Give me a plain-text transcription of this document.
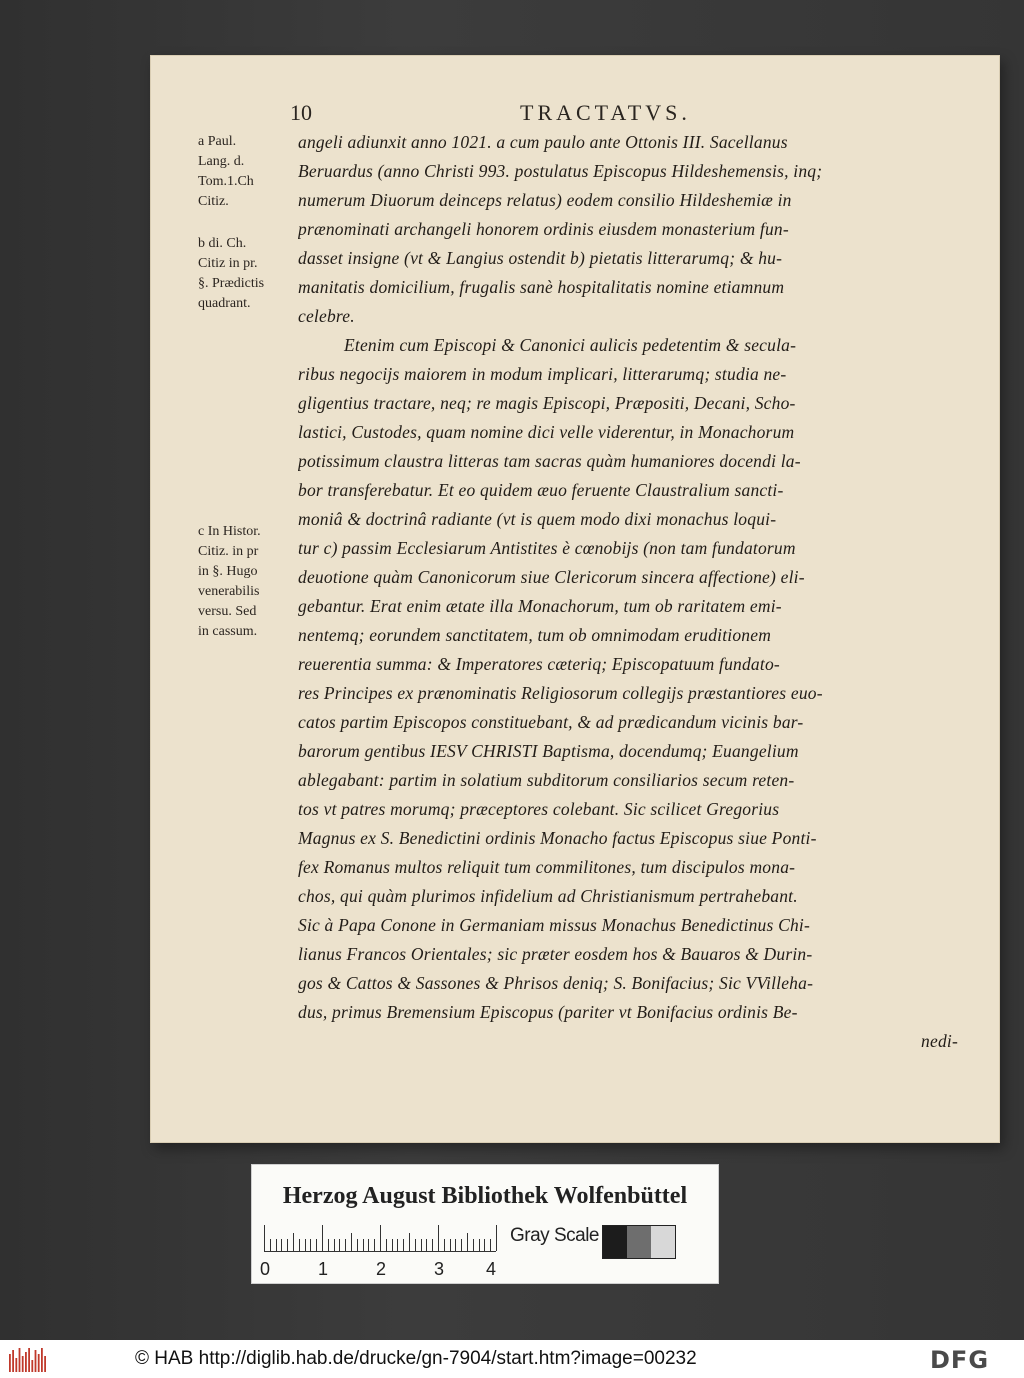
10	TRACTATVS.
a Paul.
Lang. d.
Tom.1.Ch
Citiz.
b di. Ch.
Citiz in pr.
§. Prædictis
quadrant.
c In Histor.
Citiz. in pr
in §. Hugo
venerabilis
versu. Sed
in cassum.
angeli adiunxit anno 1021. a cum paulo ante Ottonis III. Sacellanus
Beruardus (anno Christi 993. postulatus Episcopus Hildeshemensis, inq;
numerum Diuorum deinceps relatus) eodem consilio Hildeshemiæ in
prænominati archangeli honorem ordinis eiusdem monasterium fun-
dasset insigne (vt & Langius ostendit b) pietatis litterarumq; & hu-
manitatis domicilium, frugalis sanè hospitalitatis nomine etiamnum
celebre.
Etenim cum Episcopi & Canonici aulicis pedetentim & secula-
ribus negocijs maiorem in modum implicari, litterarumq; studia ne-
gligentius tractare, neq; re magis Episcopi, Præpositi, Decani, Scho-
lastici, Custodes, quam nomine dici velle viderentur, in Monachorum
potissimum claustra litteras tam sacras quàm humaniores docendi la-
bor transferebatur. Et eo quidem æuo feruente Claustralium sancti-
moniâ & doctrinâ radiante (vt is quem modo dixi monachus loqui-
tur c) passim Ecclesiarum Antistites è cœnobijs (non tam fundatorum
deuotione quàm Canonicorum siue Clericorum sincera affectione) eli-
gebantur. Erat enim ætate illa Monachorum, tum ob raritatem emi-
nentemq; eorundem sanctitatem, tum ob omnimodam eruditionem
reuerentia summa: & Imperatores cæteriq; Episcopatuum fundato-
res Principes ex prænominatis Religiosorum collegijs præstantiores euo-
catos partim Episcopos constituebant, & ad prædicandum vicinis bar-
barorum gentibus IESV CHRISTI Baptisma, docendumq; Euangelium
ablegabant: partim in solatium subditorum consiliarios secum reten-
tos vt patres morumq; præceptores colebant. Sic scilicet Gregorius
Magnus ex S. Benedictini ordinis Monacho factus Episcopus siue Ponti-
fex Romanus multos reliquit tum commilitones, tum discipulos mona-
chos, qui quàm plurimos infidelium ad Christianismum pertrahebant.
Sic à Papa Conone in Germaniam missus Monachus Benedictinus Chi-
lianus Francos Orientales; sic præter eosdem hos & Bauaros & Durin-
gos & Cattos & Sassones & Phrisos deniq; S. Bonifacius; Sic VVilleha-
dus, primus Bremensium Episcopus (pariter vt Bonifacius ordinis Be-
nedi-
Herzog August Bibliothek Wolfenbüttel
0	1	2	3 4
Gray Scale
© HAB http://diglib.hab.de/drucke/gn-7904/start.htm?image=00232	DFG
